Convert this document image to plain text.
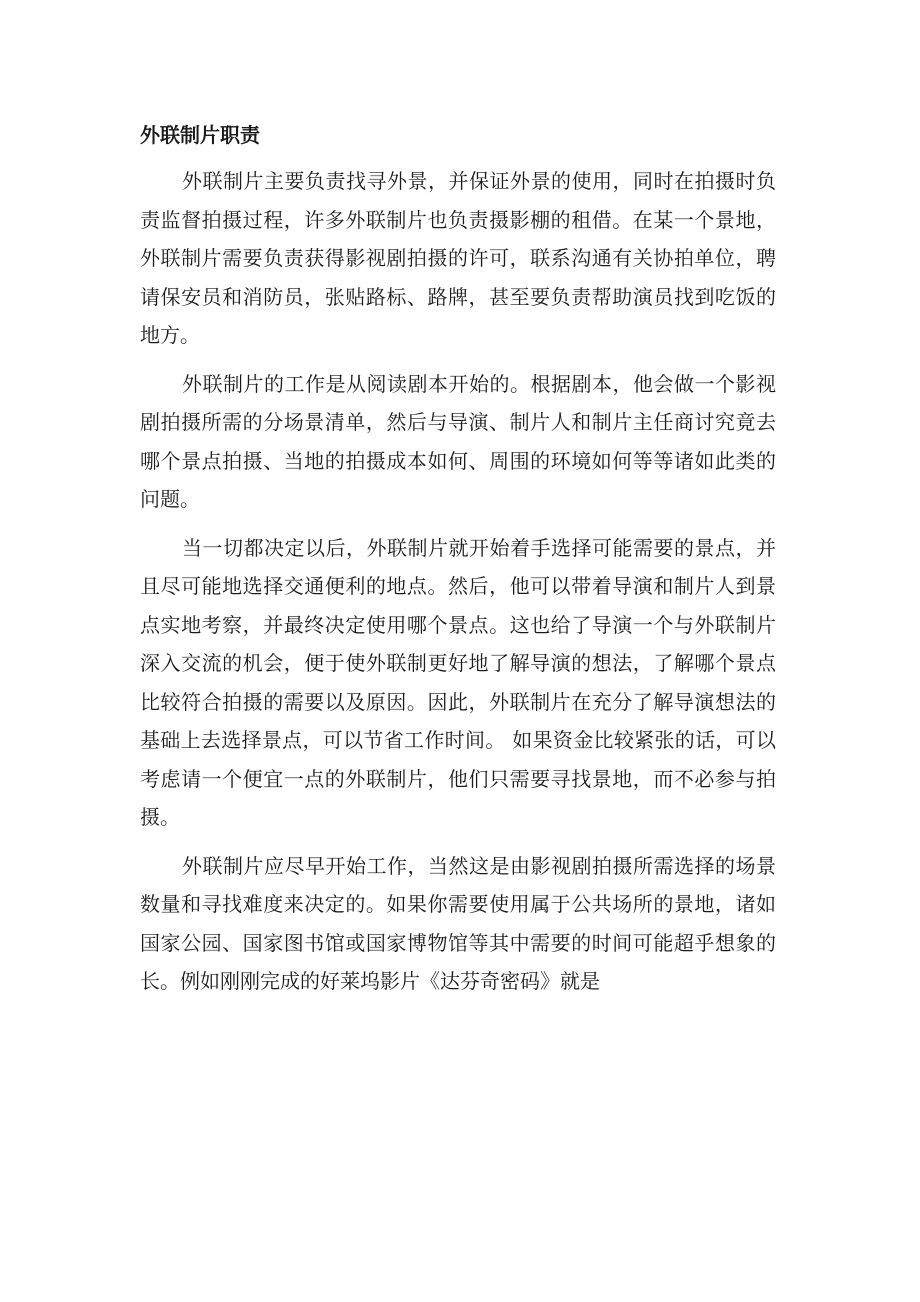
外联制片职责

外联制片主要负责找寻外景，并保证外景的使用，同时在拍摄时负责监督拍摄过程，许多外联制片也负责摄影棚的租借。在某一个景地，外联制片需要负责获得影视剧拍摄的许可，联系沟通有关协拍单位，聘请保安员和消防员，张贴路标、路牌，甚至要负责帮助演员找到吃饭的地方。

外联制片的工作是从阅读剧本开始的。根据剧本，他会做一个影视剧拍摄所需的分场景清单，然后与导演、制片人和制片主任商讨究竟去哪个景点拍摄、当地的拍摄成本如何、周围的环境如何等等诸如此类的问题。

当一切都决定以后，外联制片就开始着手选择可能需要的景点，并且尽可能地选择交通便利的地点。然后，他可以带着导演和制片人到景点实地考察，并最终决定使用哪个景点。这也给了导演一个与外联制片深入交流的机会，便于使外联制更好地了解导演的想法，了解哪个景点比较符合拍摄的需要以及原因。因此，外联制片在充分了解导演想法的基础上去选择景点，可以节省工作时间。 如果资金比较紧张的话，可以考虑请一个便宜一点的外联制片，他们只需要寻找景地，而不必参与拍摄。

外联制片应尽早开始工作，当然这是由影视剧拍摄所需选择的场景数量和寻找难度来决定的。如果你需要使用属于公共场所的景地，诸如国家公园、国家图书馆或国家博物馆等其中需要的时间可能超乎想象的长。例如刚刚完成的好莱坞影片《达芬奇密码》就是
